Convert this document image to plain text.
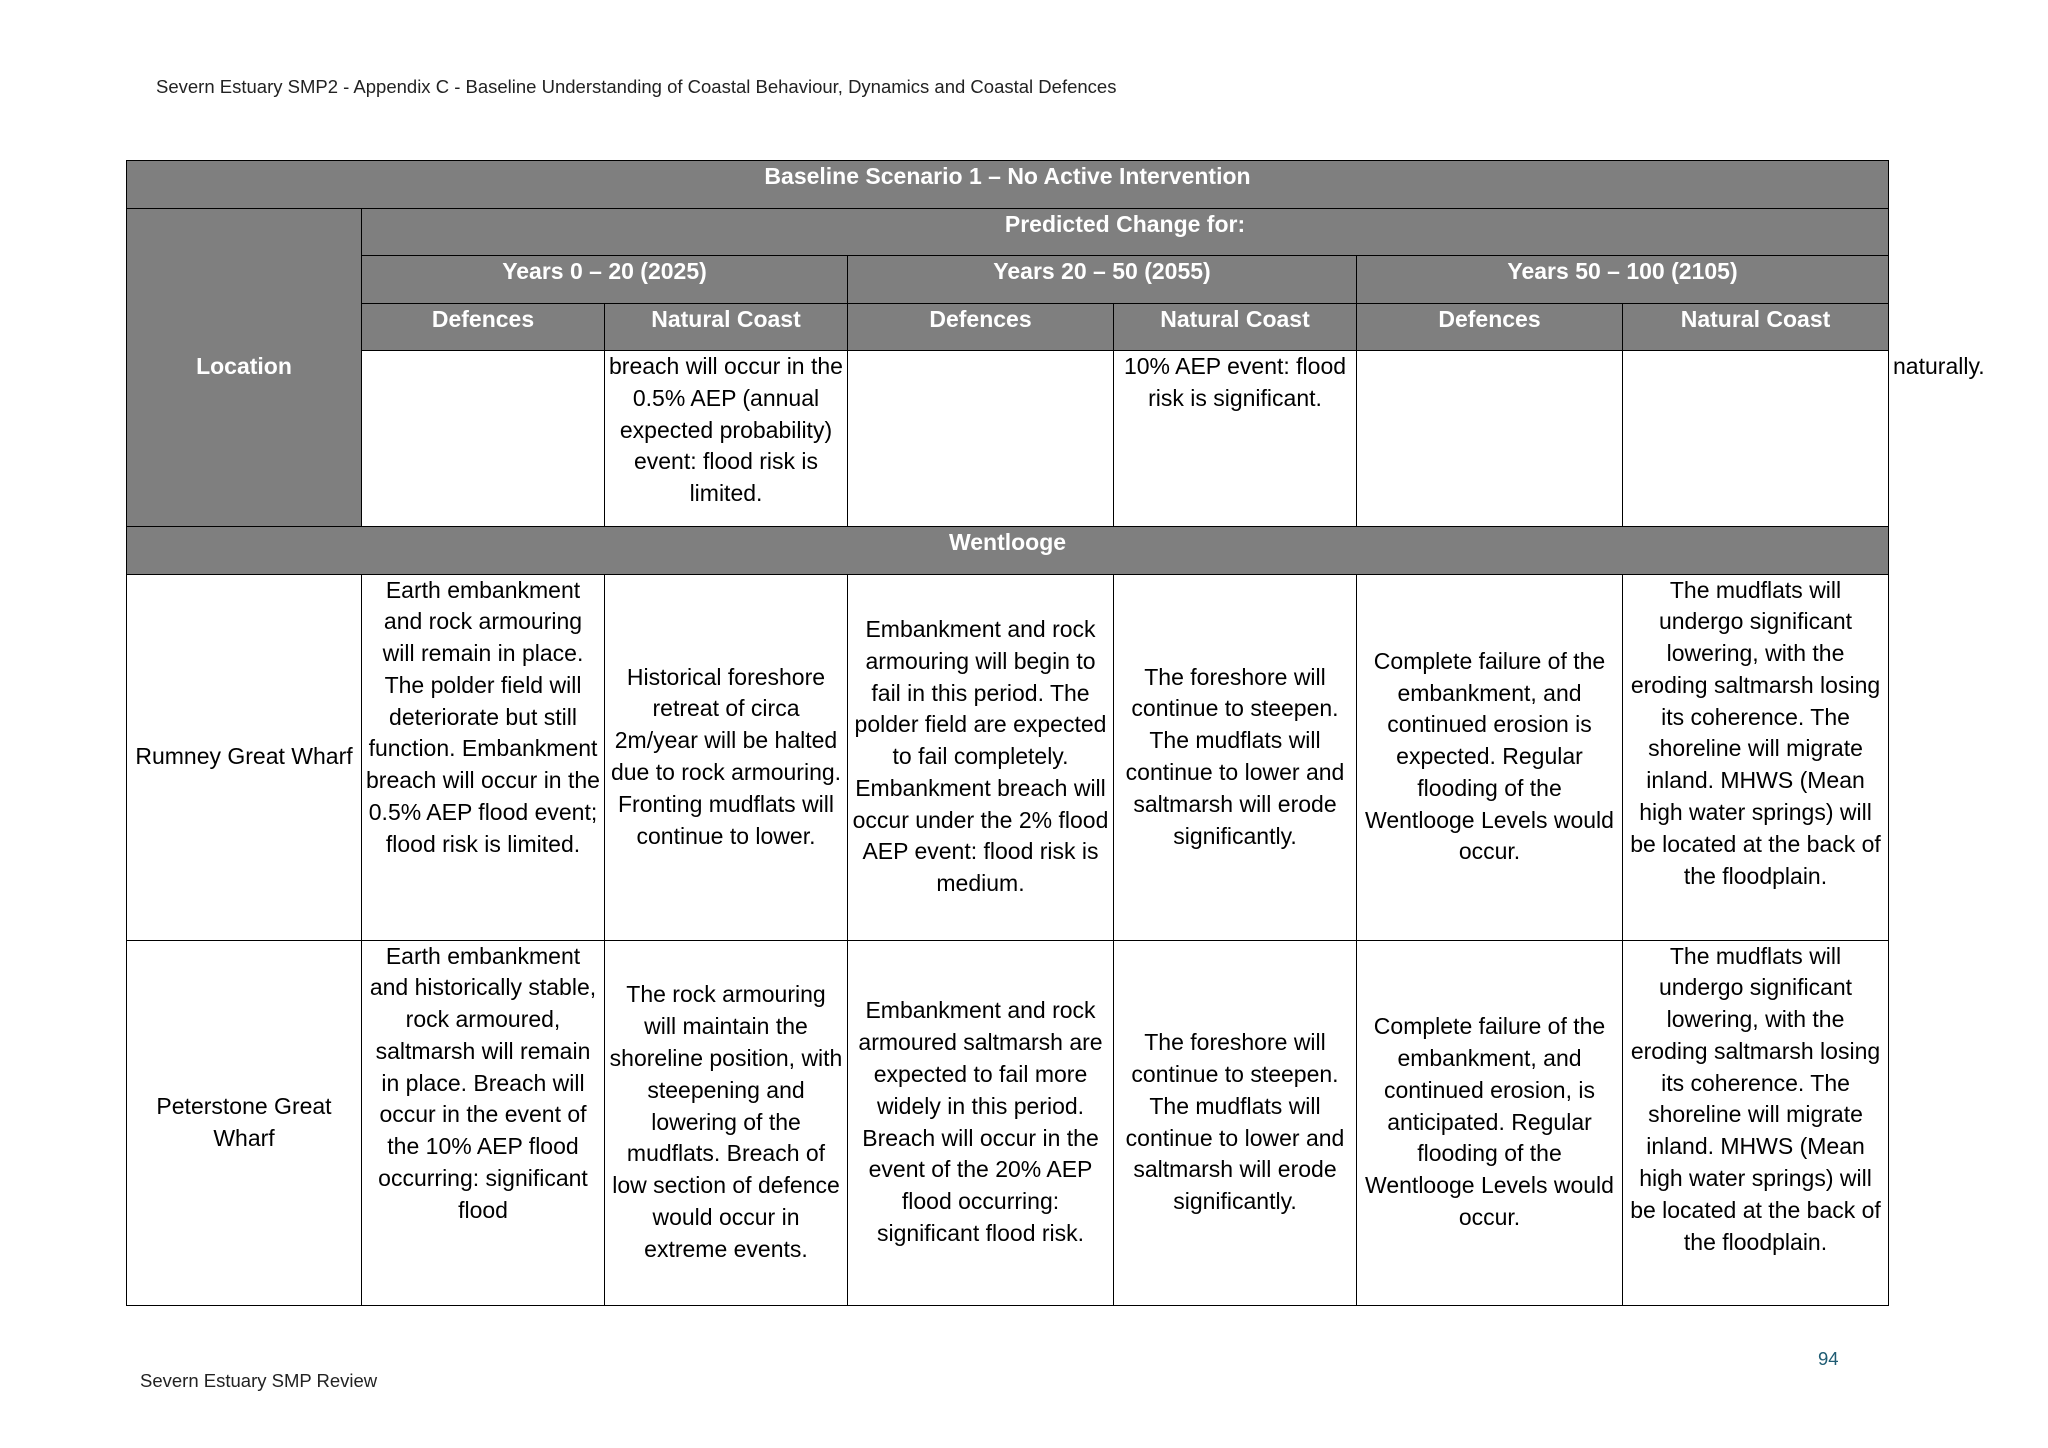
Severn Estuary SMP2 - Appendix C - Baseline Understanding of Coastal Behaviour, Dynamics and Coastal Defences
Baseline Scenario 1 – No Active Intervention							
Location	Predicted Change for:						
	Years 0 – 20 (2025)		Years 20 – 50 (2055)		Years 50 – 100 (2105)		
	Defences	Natural Coast	Defences	Natural Coast	Defences	Natural Coast	
		breach will occur in the 0.5% AEP (annual expected probability) event: flood risk is limited.		10% AEP event: flood risk is significant.			naturally.
Wentlooge							
Rumney Great Wharf	Earth embankment and rock armouring will remain in place. The polder field will deteriorate but still function. Embankment breach will occur in the 0.5% AEP flood event; flood risk is limited.	Historical foreshore retreat of circa 2m/year will be halted due to rock armouring. Fronting mudflats will continue to lower.	Embankment and rock armouring will begin to fail in this period. The polder field are expected to fail completely. Embankment breach will occur under the 2% flood AEP event: flood risk is medium.	The foreshore will continue to steepen. The mudflats will continue to lower and saltmarsh will erode significantly.	Complete failure of the embankment, and continued erosion is expected. Regular flooding of the Wentlooge Levels would occur.	The mudflats will undergo significant lowering, with the eroding saltmarsh losing its coherence. The shoreline will migrate inland. MHWS (Mean high water springs) will be located at the back of the floodplain.	
Peterstone Great Wharf	Earth embankment and historically stable, rock armoured, saltmarsh will remain in place. Breach will occur in the event of the 10% AEP flood occurring: significant flood	The rock armouring will maintain the shoreline position, with steepening and lowering of the mudflats. Breach of low section of defence would occur in extreme events.	Embankment and rock armoured saltmarsh are expected to fail more widely in this period. Breach will occur in the event of the 20% AEP flood occurring: significant flood risk.	The foreshore will continue to steepen. The mudflats will continue to lower and saltmarsh will erode significantly.	Complete failure of the embankment, and continued erosion, is anticipated. Regular flooding of the Wentlooge Levels would occur.	The mudflats will undergo significant lowering, with the eroding saltmarsh losing its coherence. The shoreline will migrate inland. MHWS (Mean high water springs) will be located at the back of the floodplain.	
94
Severn Estuary SMP Review
